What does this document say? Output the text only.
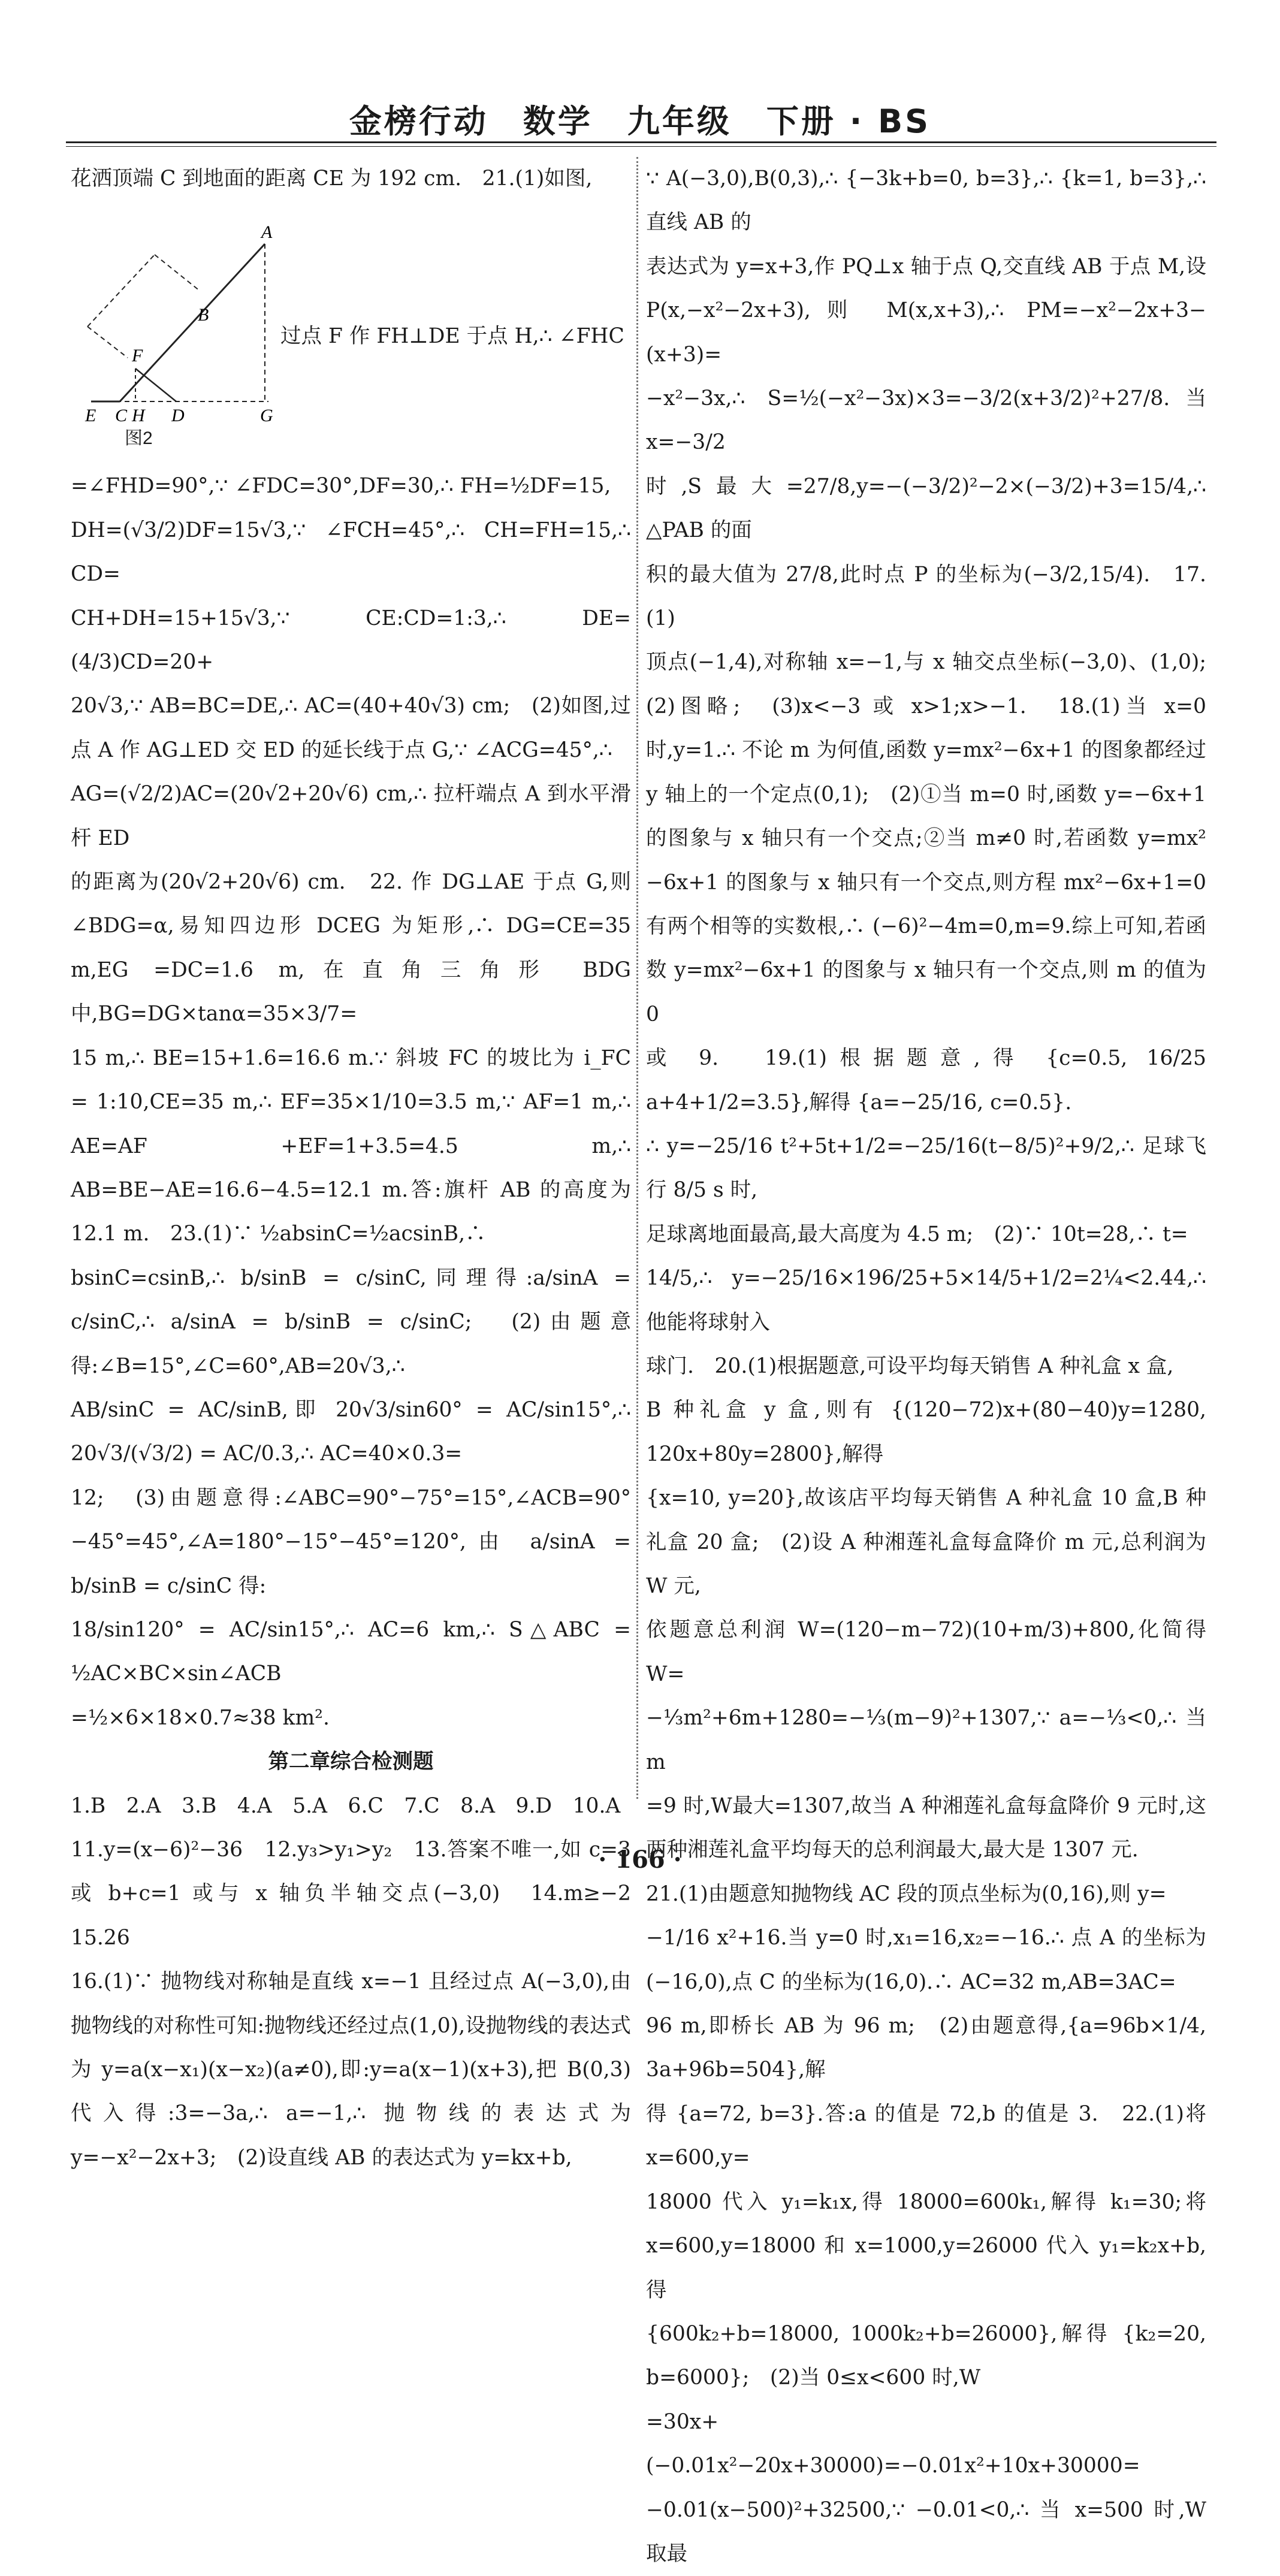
金榜行动　数学　九年级　下册 · BS

花洒顶端 C 到地面的距离 CE 为 192 cm.　21.(1)如图,

A
B
F
E C H D	G
图2
过点 F 作 FH⊥DE 于点 H,∴ ∠FHC

=∠FHD=90°,∵ ∠FDC=30°,DF=30,∴ FH=½DF=15,

DH=(√3/2)DF=15√3,∵ ∠FCH=45°,∴ CH=FH=15,∴ CD=

CH+DH=15+15√3,∵ CE:CD=1:3,∴ DE=(4/3)CD=20+

20√3,∵ AB=BC=DE,∴ AC=(40+40√3) cm;　(2)如图,过点 A 作 AG⊥ED 交 ED 的延长线于点 G,∵ ∠ACG=45°,∴

AG=(√2/2)AC=(20√2+20√6) cm,∴ 拉杆端点 A 到水平滑杆 ED

的距离为(20√2+20√6) cm.　22. 作 DG⊥AE 于点 G,则 ∠BDG=α,易知四边形 DCEG 为矩形,∴ DG=CE=35 m,EG =DC=1.6 m,在直角三角形 BDG 中,BG=DG×tanα=35×3/7=

15 m,∴ BE=15+1.6=16.6 m.∵ 斜坡 FC 的坡比为 i_FC = 1:10,CE=35 m,∴ EF=35×1/10=3.5 m,∵ AF=1 m,∴ AE=AF +EF=1+3.5=4.5 m,∴ AB=BE−AE=16.6−4.5=12.1 m.答:旗杆 AB 的高度为 12.1 m.　23.(1)∵ ½absinC=½acsinB,∴

bsinC=csinB,∴ b/sinB = c/sinC,同理得:a/sinA = c/sinC,∴ a/sinA = b/sinB = c/sinC;　(2)由题意得:∠B=15°,∠C=60°,AB=20√3,∴

AB/sinC = AC/sinB,即 20√3/sin60° = AC/sin15°,∴ 20√3/(√3/2) = AC/0.3,∴ AC=40×0.3=

12;　(3)由题意得:∠ABC=90°−75°=15°,∠ACB=90°−45°=45°,∠A=180°−15°−45°=120°,由 a/sinA = b/sinB = c/sinC 得:

18/sin120° = AC/sin15°,∴ AC=6 km,∴ S△ABC = ½AC×BC×sin∠ACB

=½×6×18×0.7≈38 km².

第二章综合检测题

1.B　2.A　3.B　4.A　5.A　6.C　7.C　8.A　9.D　10.A

11.y=(x−6)²−36　12.y₃>y₁>y₂　13.答案不唯一,如 c=3 或 b+c=1 或与 x 轴负半轴交点(−3,0)　14.m≥−2　15.26

16.(1)∵ 抛物线对称轴是直线 x=−1 且经过点 A(−3,0),由抛物线的对称性可知:抛物线还经过点(1,0),设抛物线的表达式为 y=a(x−x₁)(x−x₂)(a≠0),即:y=a(x−1)(x+3),把 B(0,3)代入得:3=−3a,∴ a=−1,∴ 抛物线的表达式为 y=−x²−2x+3;　(2)设直线 AB 的表达式为 y=kx+b,

∵ A(−3,0),B(0,3),∴ {−3k+b=0, b=3},∴ {k=1, b=3},∴ 直线 AB 的

表达式为 y=x+3,作 PQ⊥x 轴于点 Q,交直线 AB 于点 M,设 P(x,−x²−2x+3),则 M(x,x+3),∴ PM=−x²−2x+3−(x+3)=

−x²−3x,∴ S=½(−x²−3x)×3=−3/2(x+3/2)²+27/8.当 x=−3/2

时,S最大=27/8,y=−(−3/2)²−2×(−3/2)+3=15/4,∴ △PAB 的面

积的最大值为 27/8,此时点 P 的坐标为(−3/2,15/4).　17.(1)

顶点(−1,4),对称轴 x=−1,与 x 轴交点坐标(−3,0)、(1,0);　(2)图略;　(3)x<−3 或 x>1;x>−1.　18.(1)当 x=0 时,y=1.∴ 不论 m 为何值,函数 y=mx²−6x+1 的图象都经过 y 轴上的一个定点(0,1);　(2)①当 m=0 时,函数 y=−6x+1 的图象与 x 轴只有一个交点;②当 m≠0 时,若函数 y=mx² −6x+1 的图象与 x 轴只有一个交点,则方程 mx²−6x+1=0 有两个相等的实数根,∴ (−6)²−4m=0,m=9.综上可知,若函数 y=mx²−6x+1 的图象与 x 轴只有一个交点,则 m 的值为 0

或 9.　19.(1)根据题意,得 {c=0.5, 16/25 a+4+1/2=3.5},解得 {a=−25/16, c=0.5}.

∴ y=−25/16 t²+5t+1/2=−25/16(t−8/5)²+9/2,∴ 足球飞行 8/5 s 时,

足球离地面最高,最大高度为 4.5 m;　(2)∵ 10t=28,∴ t=

14/5,∴ y=−25/16×196/25+5×14/5+1/2=2¼<2.44,∴ 他能将球射入

球门.　20.(1)根据题意,可设平均每天销售 A 种礼盒 x 盒,

B 种礼盒 y 盒,则有 {(120−72)x+(80−40)y=1280, 120x+80y=2800},解得

{x=10, y=20},故该店平均每天销售 A 种礼盒 10 盒,B 种礼盒 20 盒;　(2)设 A 种湘莲礼盒每盒降价 m 元,总利润为 W 元,

依题意总利润 W=(120−m−72)(10+m/3)+800,化简得 W=

−⅓m²+6m+1280=−⅓(m−9)²+1307,∵ a=−⅓<0,∴ 当 m

=9 时,W最大=1307,故当 A 种湘莲礼盒每盒降价 9 元时,这两种湘莲礼盒平均每天的总利润最大,最大是 1307 元.

21.(1)由题意知抛物线 AC 段的顶点坐标为(0,16),则 y=

−1/16 x²+16.当 y=0 时,x₁=16,x₂=−16.∴ 点 A 的坐标为(−16,0),点 C 的坐标为(16,0).∴ AC=32 m,AB=3AC=

96 m,即桥长 AB 为 96 m;　(2)由题意得,{a=96b×1/4, 3a+96b=504},解

得 {a=72, b=3}.答:a 的值是 72,b 的值是 3.　22.(1)将 x=600,y=

18000 代入 y₁=k₁x,得 18000=600k₁,解得 k₁=30;将 x=600,y=18000 和 x=1000,y=26000 代入 y₁=k₂x+b,得

{600k₂+b=18000, 1000k₂+b=26000},解得 {k₂=20, b=6000};　(2)当 0≤x<600 时,W

=30x+(−0.01x²−20x+30000)=−0.01x²+10x+30000=

−0.01(x−500)²+32500,∵ −0.01<0,∴ 当 x=500 时,W 取最

· 166 ·
